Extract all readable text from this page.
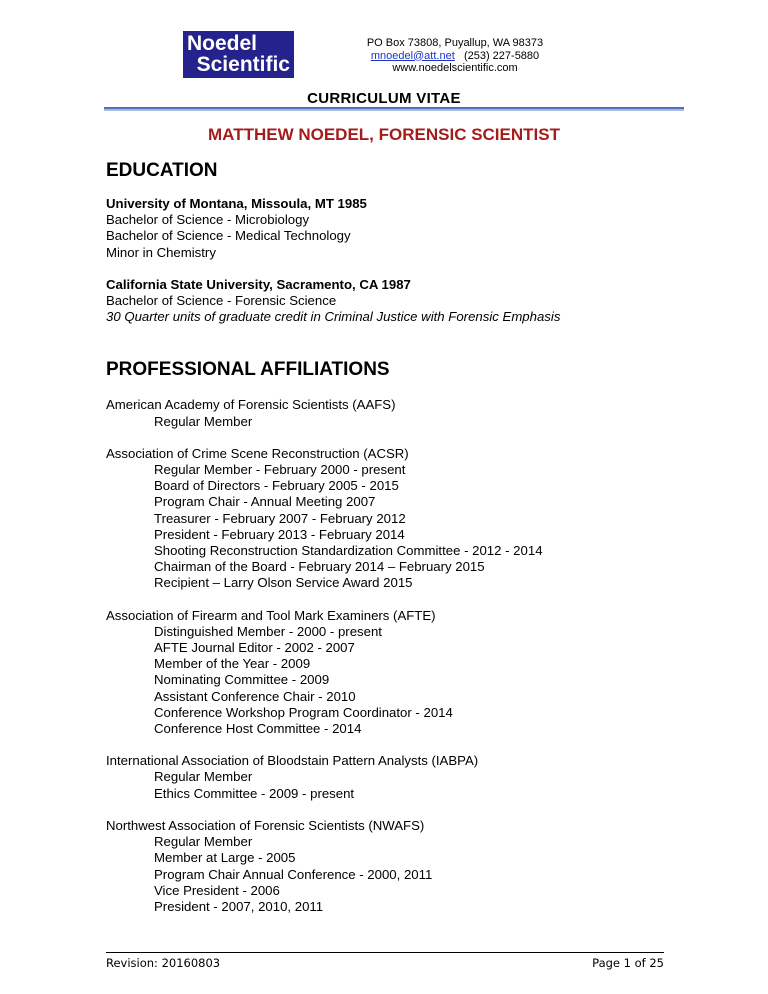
Noedel
Scientific
PO Box 73808, Puyallup, WA 98373
mnoedel@att.net (253) 227-5880
www.noedelscientific.com
CURRICULUM VITAE
MATTHEW NOEDEL, FORENSIC SCIENTIST
EDUCATION

University of Montana, Missoula, MT 1985

Bachelor of Science - Microbiology

Bachelor of Science - Medical Technology

Minor in Chemistry

California State University, Sacramento, CA 1987

Bachelor of Science - Forensic Science

30 Quarter units of graduate credit in Criminal Justice with Forensic Emphasis

PROFESSIONAL AFFILIATIONS

American Academy of Forensic Scientists (AAFS)

Regular Member

Association of Crime Scene Reconstruction (ACSR)

Regular Member - February 2000 - present

Board of Directors - February 2005 - 2015

Program Chair - Annual Meeting 2007

Treasurer - February 2007 - February 2012

President - February 2013 - February 2014

Shooting Reconstruction Standardization Committee - 2012 - 2014

Chairman of the Board - February 2014 – February 2015

Recipient – Larry Olson Service Award 2015

Association of Firearm and Tool Mark Examiners (AFTE)

Distinguished Member - 2000 - present

AFTE Journal Editor - 2002 - 2007

Member of the Year - 2009

Nominating Committee - 2009

Assistant Conference Chair - 2010

Conference Workshop Program Coordinator - 2014

Conference Host Committee - 2014

International Association of Bloodstain Pattern Analysts (IABPA)

Regular Member

Ethics Committee - 2009 - present

Northwest Association of Forensic Scientists (NWAFS)

Regular Member

Member at Large - 2005

Program Chair Annual Conference - 2000, 2011

Vice President - 2006

President - 2007, 2010, 2011

Revision: 20160803	Page 1 of 25
